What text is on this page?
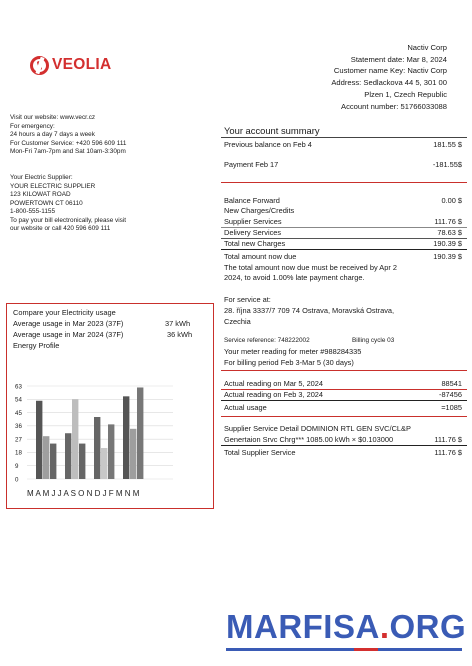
VEOLIA
Nactiv Corp
Statement date: Mar 8, 2024
Customer name Key: Nactiv Corp
Address: Sedlackova 44 5, 301 00
Plzen 1, Czech Republic
Account number: 51766033088
Visit our website: www.vecr.cz
For emergency:
24 hours a day 7 days a week
For Customer Service: +420 596 609 111
Mon-Fri 7am-7pm and Sat 10am-3:30pm
Your Electric Supplier:
YOUR ELECTRIC SUPPLIER
123 KILOWAT ROAD
POWERTOWN CT 06110
1-800-555-1155
To pay your bill electronically, please visit
our website or call 420 596 609 111
Your account summary
Previous balance on Feb 4	181.55 $
Payment Feb 17	-181.55$
Balance Forward	0.00 $
New Charges/Credits
Supplier Services	111.76 $
Delivery Services	78.63 $
Total new Charges	190.39 $
Total amount now due	190.39 $
The total amount now due must be received by Apr 2
2024, to avoid 1.00% late payment charge.
For service at:
28. října 3337/7 709 74 Ostrava, Moravská Ostrava,
Czechia
Service reference: 748222002	Billing cycle 03
Your meter reading for meter #988284335
For billing period Feb 3-Mar 5 (30 days)
Actual reading on Mar 5, 2024	88541
Actual reading on Feb 3, 2024	-87456
Actual usage	=1085
Supplier Service Detail DOMINION RTL GEN SVC/CL&P
Genertaion Srvc Chrg*** 1085.00 kWh × $0.103000	111.76 $
Total Supplier Service	111.76 $
Compare your Electricity usage
Average usage in Mar 2023 (37F)	37 kWh
Average usage in Mar 2024 (37F)	36 kWh
Energy Profile
0
9
18
27
36
45
54
63
M A M J J A S O N D J F M N M
MARFISA.ORG
